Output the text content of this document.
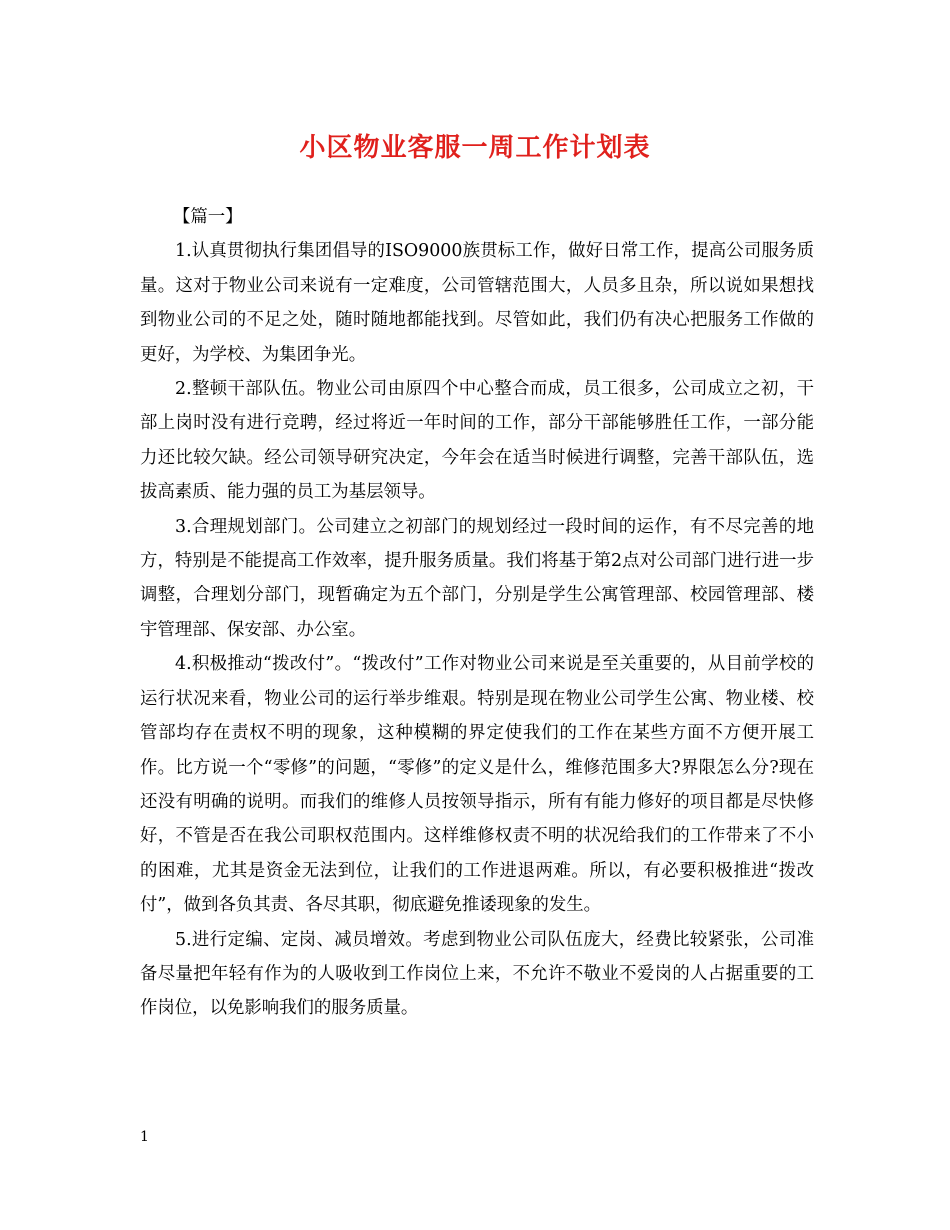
小区物业客服一周工作计划表

【篇一】

1.认真贯彻执行集团倡导的ISO9000族贯标工作，做好日常工作，提高公司服务质量。这对于物业公司来说有一定难度，公司管辖范围大，人员多且杂，所以说如果想找到物业公司的不足之处，随时随地都能找到。尽管如此，我们仍有决心把服务工作做的更好，为学校、为集团争光。

2.整顿干部队伍。物业公司由原四个中心整合而成，员工很多，公司成立之初，干部上岗时没有进行竞聘，经过将近一年时间的工作，部分干部能够胜任工作，一部分能力还比较欠缺。经公司领导研究决定，今年会在适当时候进行调整，完善干部队伍，选拔高素质、能力强的员工为基层领导。

3.合理规划部门。公司建立之初部门的规划经过一段时间的运作，有不尽完善的地方，特别是不能提高工作效率，提升服务质量。我们将基于第2点对公司部门进行进一步调整，合理划分部门，现暂确定为五个部门，分别是学生公寓管理部、校园管理部、楼宇管理部、保安部、办公室。

4.积极推动“拨改付”。“拨改付”工作对物业公司来说是至关重要的，从目前学校的运行状况来看，物业公司的运行举步维艰。特别是现在物业公司学生公寓、物业楼、校管部均存在责权不明的现象，这种模糊的界定使我们的工作在某些方面不方便开展工作。比方说一个“零修”的问题，“零修”的定义是什么，维修范围多大?界限怎么分?现在还没有明确的说明。而我们的维修人员按领导指示，所有有能力修好的项目都是尽快修好，不管是否在我公司职权范围内。这样维修权责不明的状况给我们的工作带来了不小的困难，尤其是资金无法到位，让我们的工作进退两难。所以，有必要积极推进“拨改付”，做到各负其责、各尽其职，彻底避免推诿现象的发生。

5.进行定编、定岗、减员增效。考虑到物业公司队伍庞大，经费比较紧张，公司准备尽量把年轻有作为的人吸收到工作岗位上来，不允许不敬业不爱岗的人占据重要的工作岗位，以免影响我们的服务质量。

1
